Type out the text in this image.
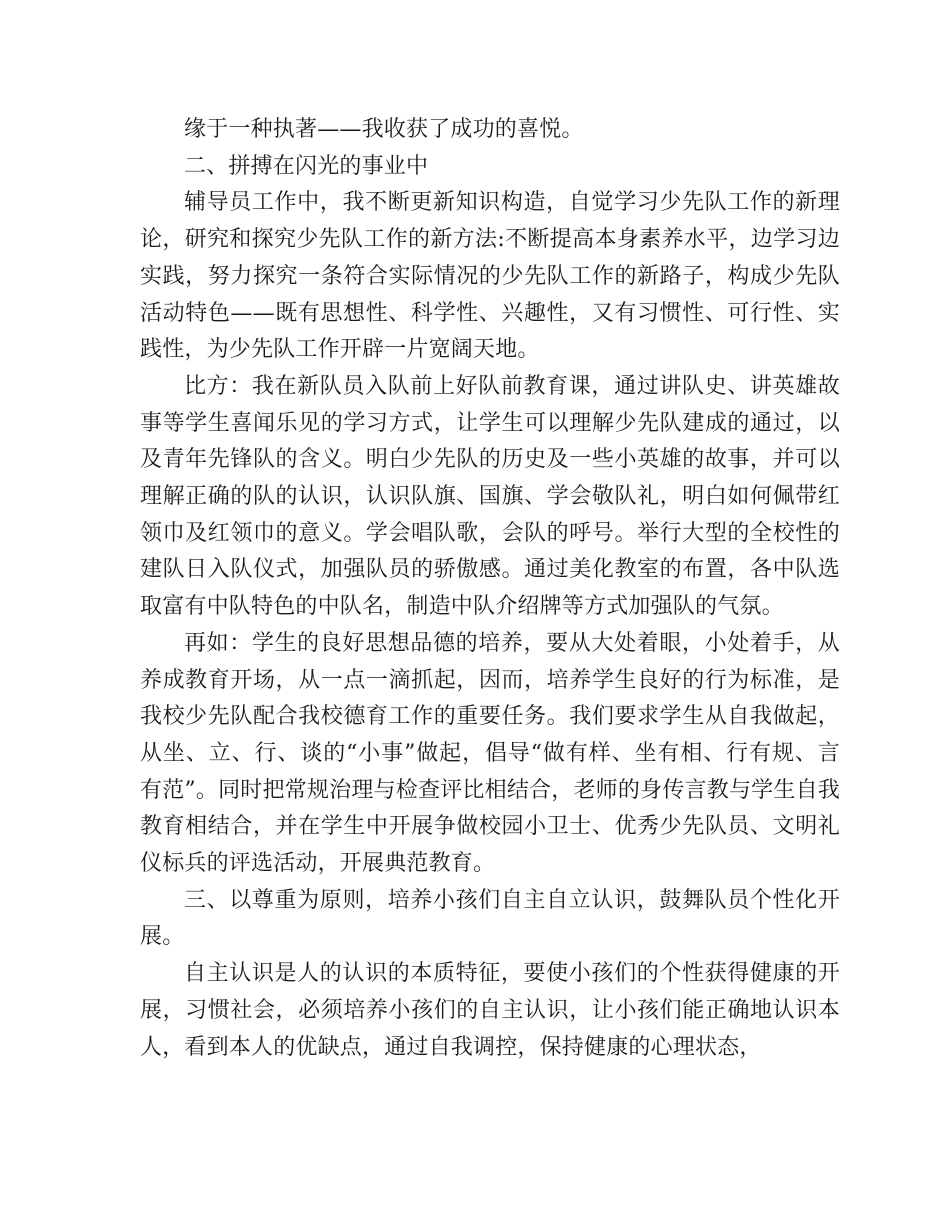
缘于一种执著——我收获了成功的喜悦。

二、拼搏在闪光的事业中

辅导员工作中，我不断更新知识构造，自觉学习少先队工作的新理论，研究和探究少先队工作的新方法:不断提高本身素养水平，边学习边实践，努力探究一条符合实际情况的少先队工作的新路子，构成少先队活动特色——既有思想性、科学性、兴趣性，又有习惯性、可行性、实践性，为少先队工作开辟一片宽阔天地。

比方：我在新队员入队前上好队前教育课，通过讲队史、讲英雄故事等学生喜闻乐见的学习方式，让学生可以理解少先队建成的通过，以及青年先锋队的含义。明白少先队的历史及一些小英雄的故事，并可以理解正确的队的认识，认识队旗、国旗、学会敬队礼，明白如何佩带红领巾及红领巾的意义。学会唱队歌，会队的呼号。举行大型的全校性的建队日入队仪式，加强队员的骄傲感。通过美化教室的布置，各中队选取富有中队特色的中队名，制造中队介绍牌等方式加强队的气氛。

再如：学生的良好思想品德的培养，要从大处着眼，小处着手，从养成教育开场，从一点一滴抓起，因而，培养学生良好的行为标准，是我校少先队配合我校德育工作的重要任务。我们要求学生从自我做起，从坐、立、行、谈的“小事”做起，倡导“做有样、坐有相、行有规、言有范”。同时把常规治理与检查评比相结合，老师的身传言教与学生自我教育相结合，并在学生中开展争做校园小卫士、优秀少先队员、文明礼仪标兵的评选活动，开展典范教育。

三、以尊重为原则，培养小孩们自主自立认识，鼓舞队员个性化开展。

自主认识是人的认识的本质特征，要使小孩们的个性获得健康的开展，习惯社会，必须培养小孩们的自主认识，让小孩们能正确地认识本人，看到本人的优缺点，通过自我调控，保持健康的心理状态，
